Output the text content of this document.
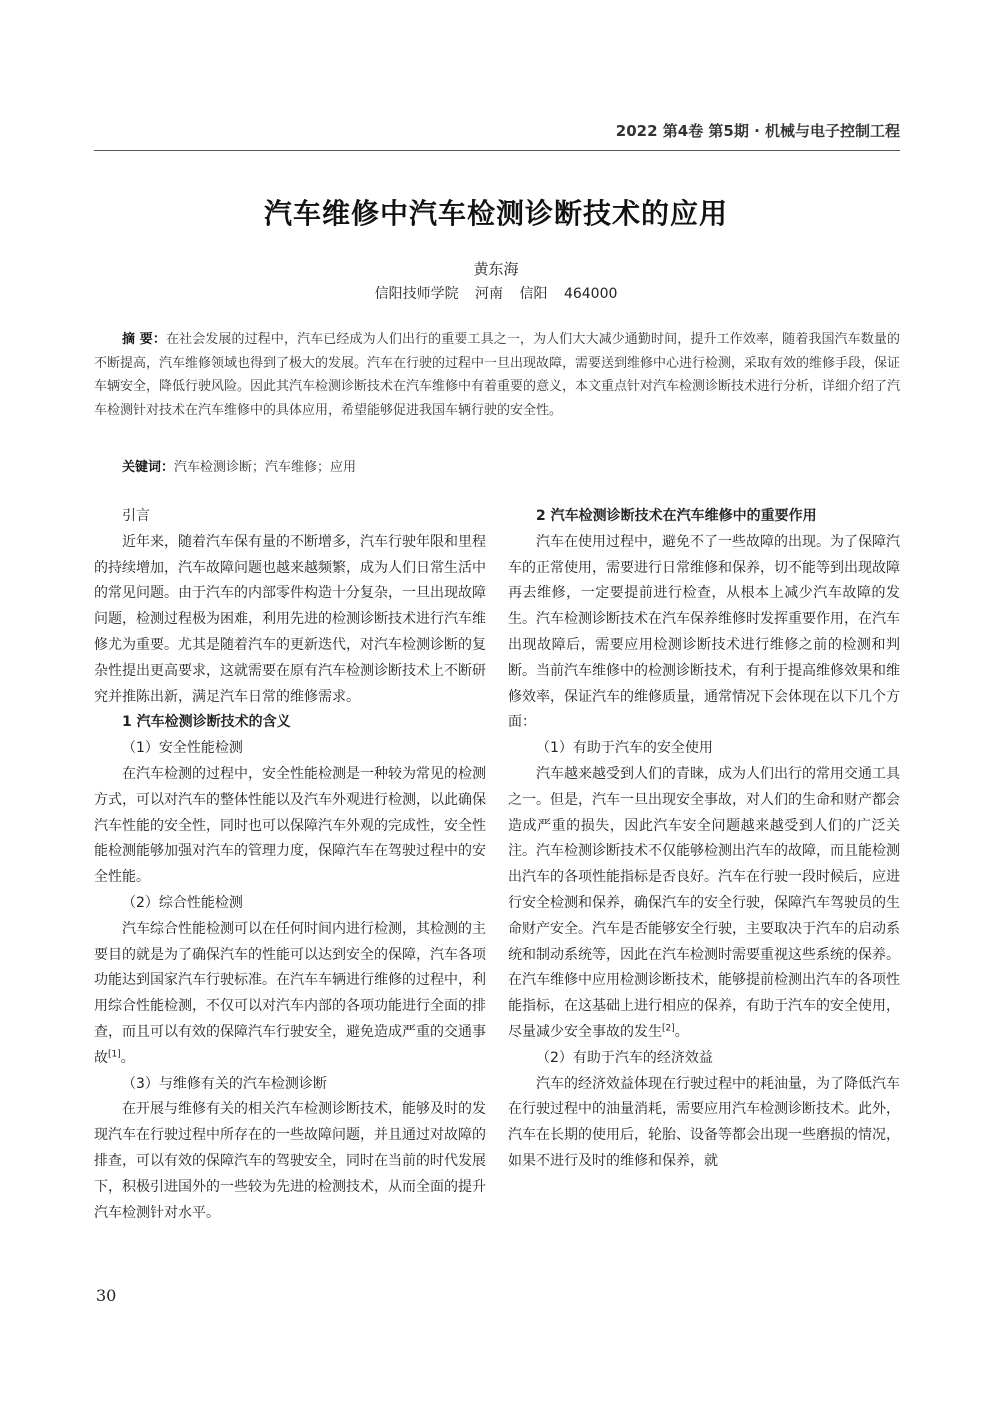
2022 第4卷 第5期 · 机械与电子控制工程
汽车维修中汽车检测诊断技术的应用
黄东海
信阳技师学院 河南 信阳 464000
摘 要：在社会发展的过程中，汽车已经成为人们出行的重要工具之一，为人们大大减少通勤时间，提升工作效率，随着我国汽车数量的不断提高，汽车维修领域也得到了极大的发展。汽车在行驶的过程中一旦出现故障，需要送到维修中心进行检测，采取有效的维修手段，保证车辆安全，降低行驶风险。因此其汽车检测诊断技术在汽车维修中有着重要的意义，本文重点针对汽车检测诊断技术进行分析，详细介绍了汽车检测针对技术在汽车维修中的具体应用，希望能够促进我国车辆行驶的安全性。
关键词：汽车检测诊断；汽车维修；应用
引言

近年来，随着汽车保有量的不断增多，汽车行驶年限和里程的持续增加，汽车故障问题也越来越频繁，成为人们日常生活中的常见问题。由于汽车的内部零件构造十分复杂，一旦出现故障问题，检测过程极为困难，利用先进的检测诊断技术进行汽车维修尤为重要。尤其是随着汽车的更新迭代，对汽车检测诊断的复杂性提出更高要求，这就需要在原有汽车检测诊断技术上不断研究并推陈出新，满足汽车日常的维修需求。

1 汽车检测诊断技术的含义
（1）安全性能检测

在汽车检测的过程中，安全性能检测是一种较为常见的检测方式，可以对汽车的整体性能以及汽车外观进行检测，以此确保汽车性能的安全性，同时也可以保障汽车外观的完成性，安全性能检测能够加强对汽车的管理力度，保障汽车在驾驶过程中的安全性能。

（2）综合性能检测

汽车综合性能检测可以在任何时间内进行检测，其检测的主要目的就是为了确保汽车的性能可以达到安全的保障，汽车各项功能达到国家汽车行驶标准。在汽车车辆进行维修的过程中，利用综合性能检测，不仅可以对汽车内部的各项功能进行全面的排查，而且可以有效的保障汽车行驶安全，避免造成严重的交通事故[1]。

（3）与维修有关的汽车检测诊断

在开展与维修有关的相关汽车检测诊断技术，能够及时的发现汽车在行驶过程中所存在的一些故障问题，并且通过对故障的排查，可以有效的保障汽车的驾驶安全，同时在当前的时代发展下，积极引进国外的一些较为先进的检测技术，从而全面的提升汽车检测针对水平。

2 汽车检测诊断技术在汽车维修中的重要作用

汽车在使用过程中，避免不了一些故障的出现。为了保障汽车的正常使用，需要进行日常维修和保养，切不能等到出现故障再去维修，一定要提前进行检查，从根本上减少汽车故障的发生。汽车检测诊断技术在汽车保养维修时发挥重要作用，在汽车出现故障后，需要应用检测诊断技术进行维修之前的检测和判断。当前汽车维修中的检测诊断技术，有利于提高维修效果和维修效率，保证汽车的维修质量，通常情况下会体现在以下几个方面：

（1）有助于汽车的安全使用

汽车越来越受到人们的青睐，成为人们出行的常用交通工具之一。但是，汽车一旦出现安全事故，对人们的生命和财产都会造成严重的损失，因此汽车安全问题越来越受到人们的广泛关注。汽车检测诊断技术不仅能够检测出汽车的故障，而且能检测出汽车的各项性能指标是否良好。汽车在行驶一段时候后，应进行安全检测和保养，确保汽车的安全行驶，保障汽车驾驶员的生命财产安全。汽车是否能够安全行驶，主要取决于汽车的启动系统和制动系统等，因此在汽车检测时需要重视这些系统的保养。在汽车维修中应用检测诊断技术，能够提前检测出汽车的各项性能指标，在这基础上进行相应的保养，有助于汽车的安全使用，尽量减少安全事故的发生[2]。

（2）有助于汽车的经济效益

汽车的经济效益体现在行驶过程中的耗油量，为了降低汽车在行驶过程中的油量消耗，需要应用汽车检测诊断技术。此外，汽车在长期的使用后，轮胎、设备等都会出现一些磨损的情况，如果不进行及时的维修和保养，就

30
